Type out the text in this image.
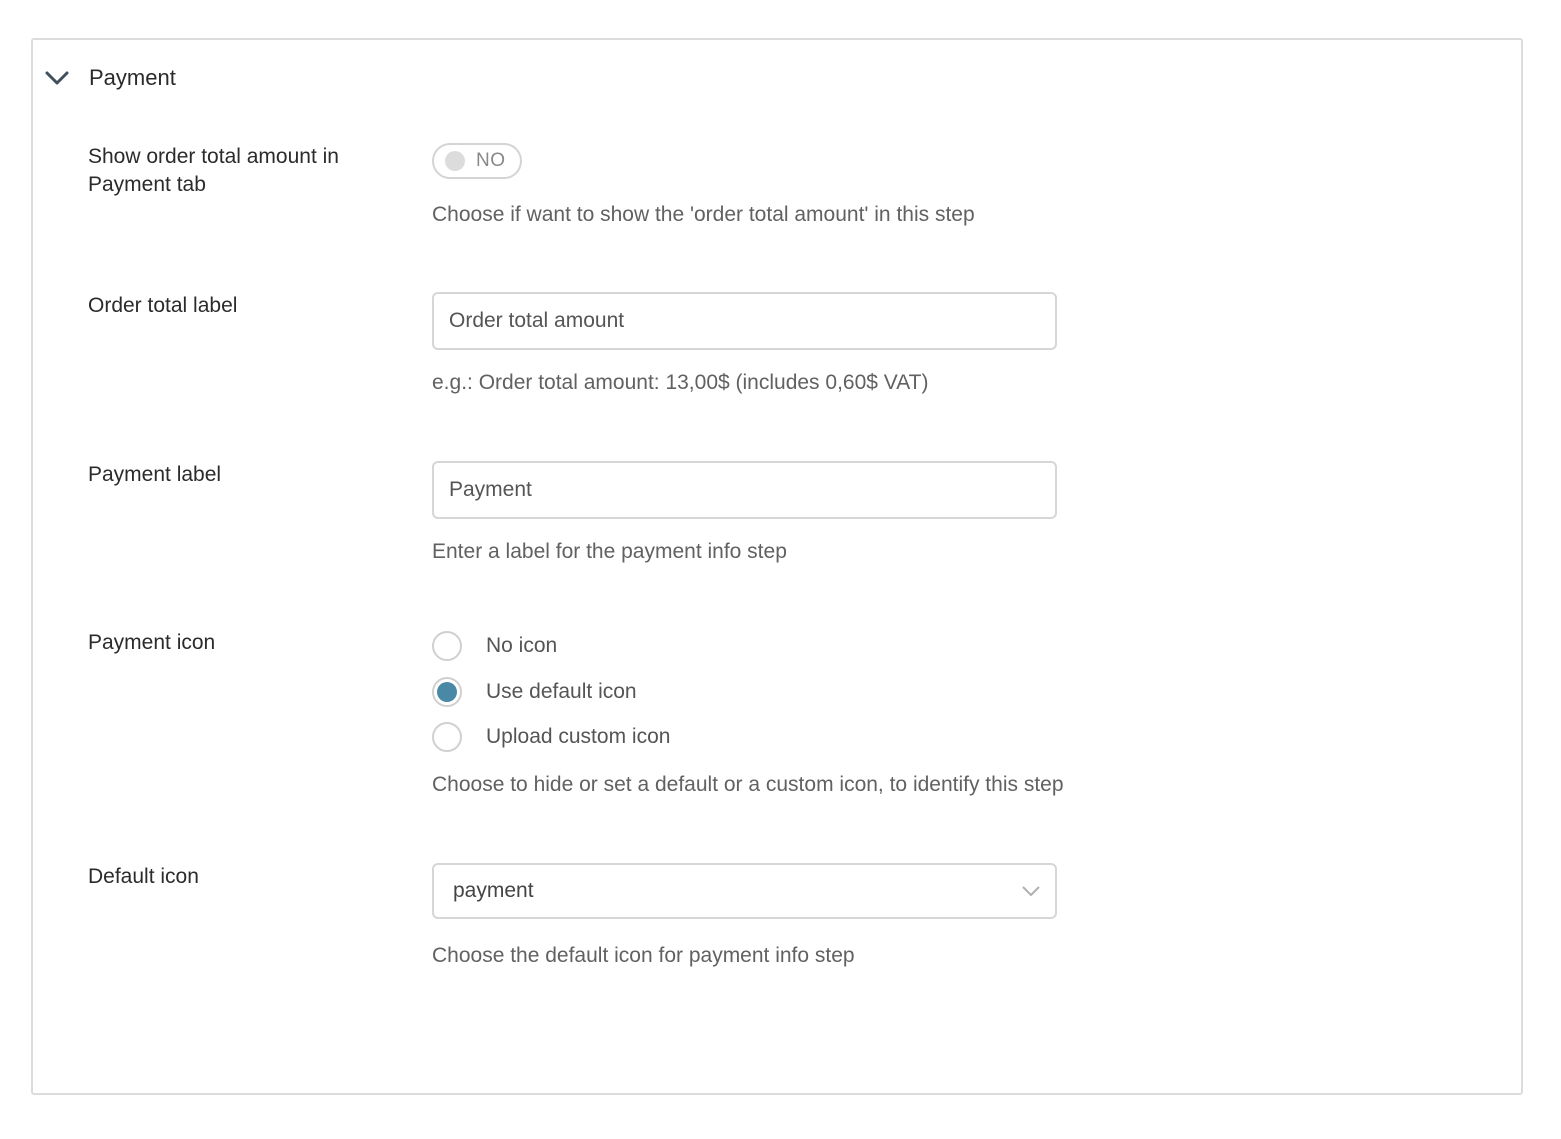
Payment
Show order total amount in Payment tab
NO
Choose if want to show the 'order total amount' in this step
Order total label
Order total amount
e.g.: Order total amount: 13,00$ (includes 0,60$ VAT)
Payment label
Payment
Enter a label for the payment info step
Payment icon	No icon
Use default icon
Upload custom icon
Choose to hide or set a default or a custom icon, to identify this step
Default icon
payment
Choose the default icon for payment info step
